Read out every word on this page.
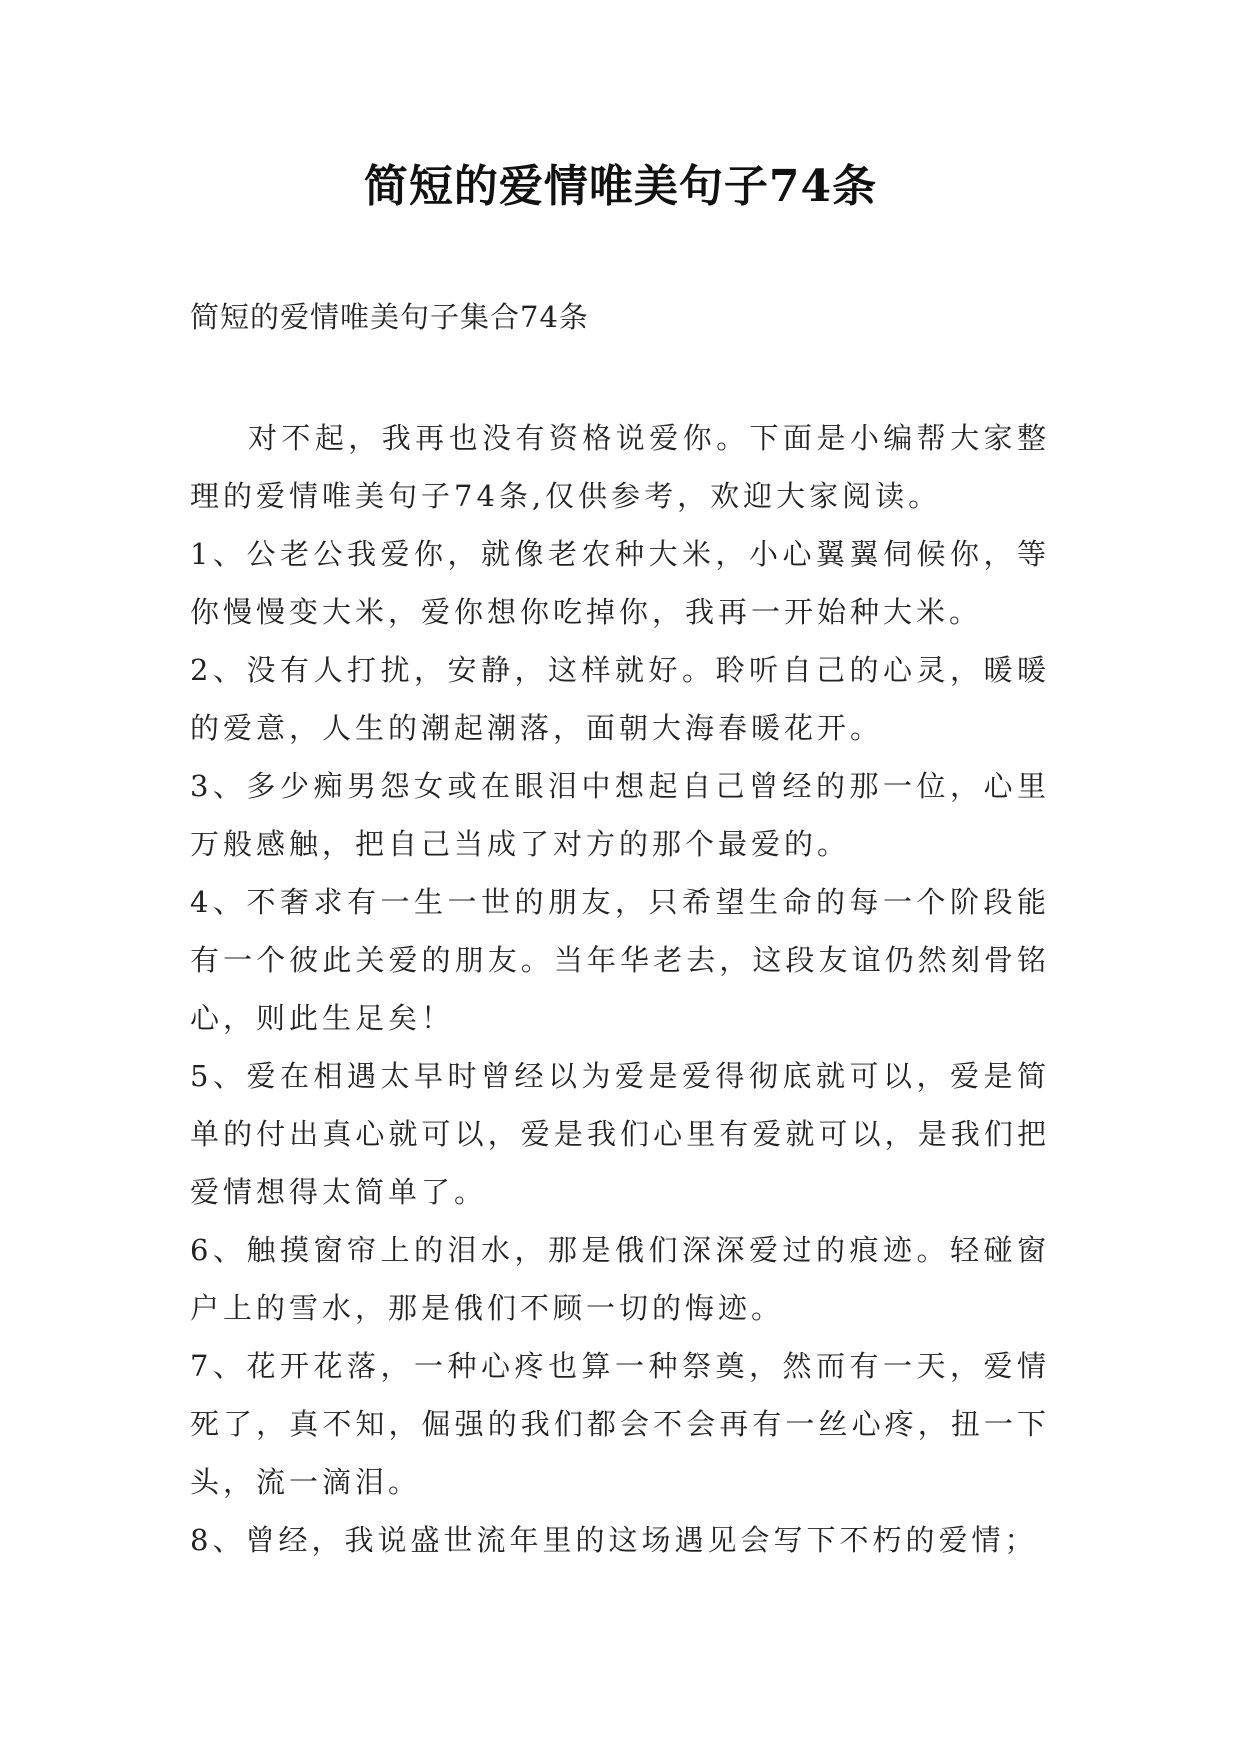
简短的爱情唯美句子74条
简短的爱情唯美句子集合74条

对不起，我再也没有资格说爱你。下面是小编帮大家整理的爱情唯美句子74条,仅供参考，欢迎大家阅读。

1、公老公我爱你，就像老农种大米，小心翼翼伺候你，等你慢慢变大米，爱你想你吃掉你，我再一开始种大米。

2、没有人打扰，安静，这样就好。聆听自己的心灵，暖暖的爱意，人生的潮起潮落，面朝大海春暖花开。

3、多少痴男怨女或在眼泪中想起自己曾经的那一位，心里万般感触，把自己当成了对方的那个最爱的。

4、不奢求有一生一世的朋友，只希望生命的每一个阶段能有一个彼此关爱的朋友。当年华老去，这段友谊仍然刻骨铭心，则此生足矣！

5、爱在相遇太早时曾经以为爱是爱得彻底就可以，爱是简单的付出真心就可以，爱是我们心里有爱就可以，是我们把爱情想得太简单了。

6、触摸窗帘上的泪水，那是俄们深深爱过的痕迹。轻碰窗户上的雪水，那是俄们不顾一切的悔迹。

7、花开花落，一种心疼也算一种祭奠，然而有一天，爱情死了，真不知，倔强的我们都会不会再有一丝心疼，扭一下头，流一滴泪。

8、曾经，我说盛世流年里的这场遇见会写下不朽的爱情；
